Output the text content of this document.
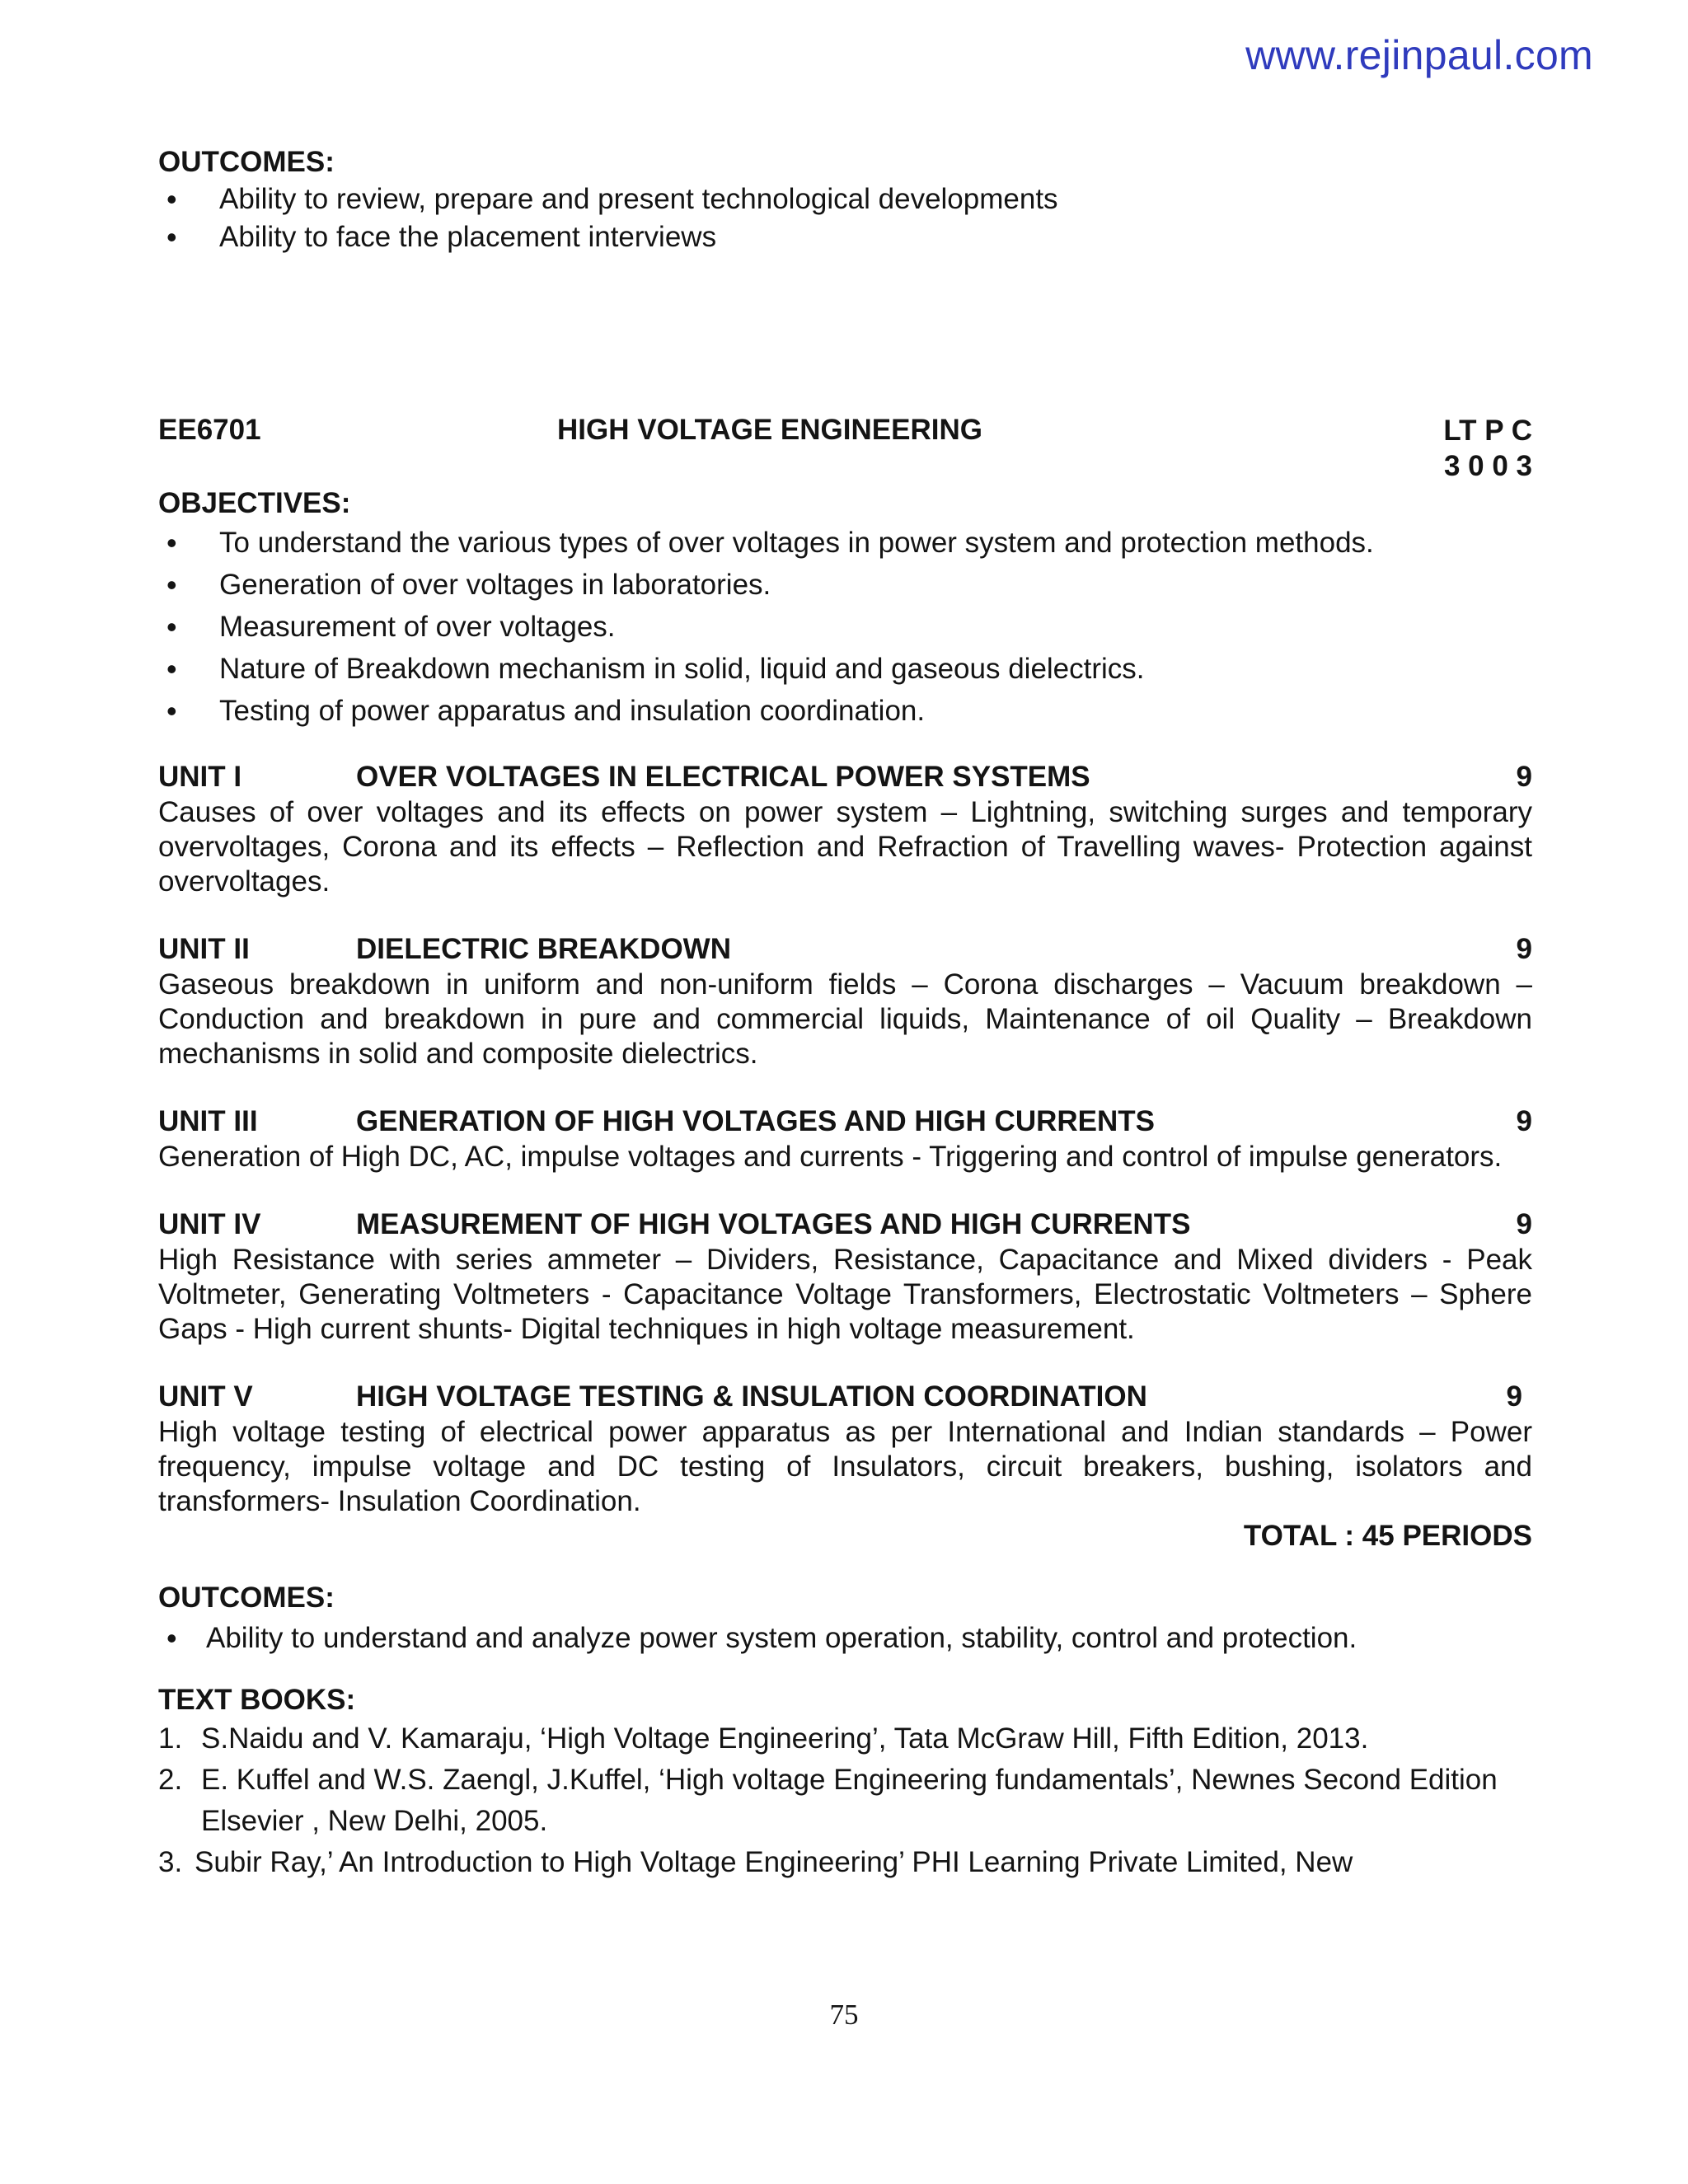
www.rejinpaul.com
OUTCOMES:
• Ability to review, prepare and present technological developments
• Ability to face the placement interviews
EE6701	HIGH VOLTAGE ENGINEERING	LT P C
3 0 0 3
OBJECTIVES:
• To understand the various types of over voltages in power system and protection methods.
• Generation of over voltages in laboratories.
• Measurement of over voltages.
• Nature of Breakdown mechanism in solid, liquid and gaseous dielectrics.
• Testing of power apparatus and insulation coordination.
UNIT I	OVER VOLTAGES IN ELECTRICAL POWER SYSTEMS	9
Causes of over voltages and its effects on power system – Lightning, switching surges and temporary overvoltages, Corona and its effects – Reflection and Refraction of Travelling waves- Protection against overvoltages.
UNIT II	DIELECTRIC BREAKDOWN	9
Gaseous breakdown in uniform and non-uniform fields – Corona discharges – Vacuum breakdown – Conduction and breakdown in pure and commercial liquids, Maintenance of oil Quality – Breakdown mechanisms in solid and composite dielectrics.
UNIT III	GENERATION OF HIGH VOLTAGES AND HIGH CURRENTS	9
Generation of High DC, AC, impulse voltages and currents - Triggering and control of impulse generators.
UNIT IV	MEASUREMENT OF HIGH VOLTAGES AND HIGH CURRENTS	9
High Resistance with series ammeter – Dividers, Resistance, Capacitance and Mixed dividers - Peak Voltmeter, Generating Voltmeters - Capacitance Voltage Transformers, Electrostatic Voltmeters – Sphere Gaps - High current shunts- Digital techniques in high voltage measurement.
UNIT V	HIGH VOLTAGE TESTING & INSULATION COORDINATION	9
High voltage testing of electrical power apparatus as per International and Indian standards – Power frequency, impulse voltage and DC testing of Insulators, circuit breakers, bushing, isolators and transformers- Insulation Coordination.
TOTAL : 45 PERIODS
OUTCOMES:
• Ability to understand and analyze power system operation, stability, control and protection.
TEXT BOOKS:
1. S.Naidu and V. Kamaraju, ‘High Voltage Engineering’, Tata McGraw Hill, Fifth Edition, 2013.
2. E. Kuffel and W.S. Zaengl, J.Kuffel, ‘High voltage Engineering fundamentals’, Newnes Second Edition Elsevier , New Delhi, 2005.
3. Subir Ray,’ An Introduction to High Voltage Engineering’ PHI Learning Private Limited, New
75
